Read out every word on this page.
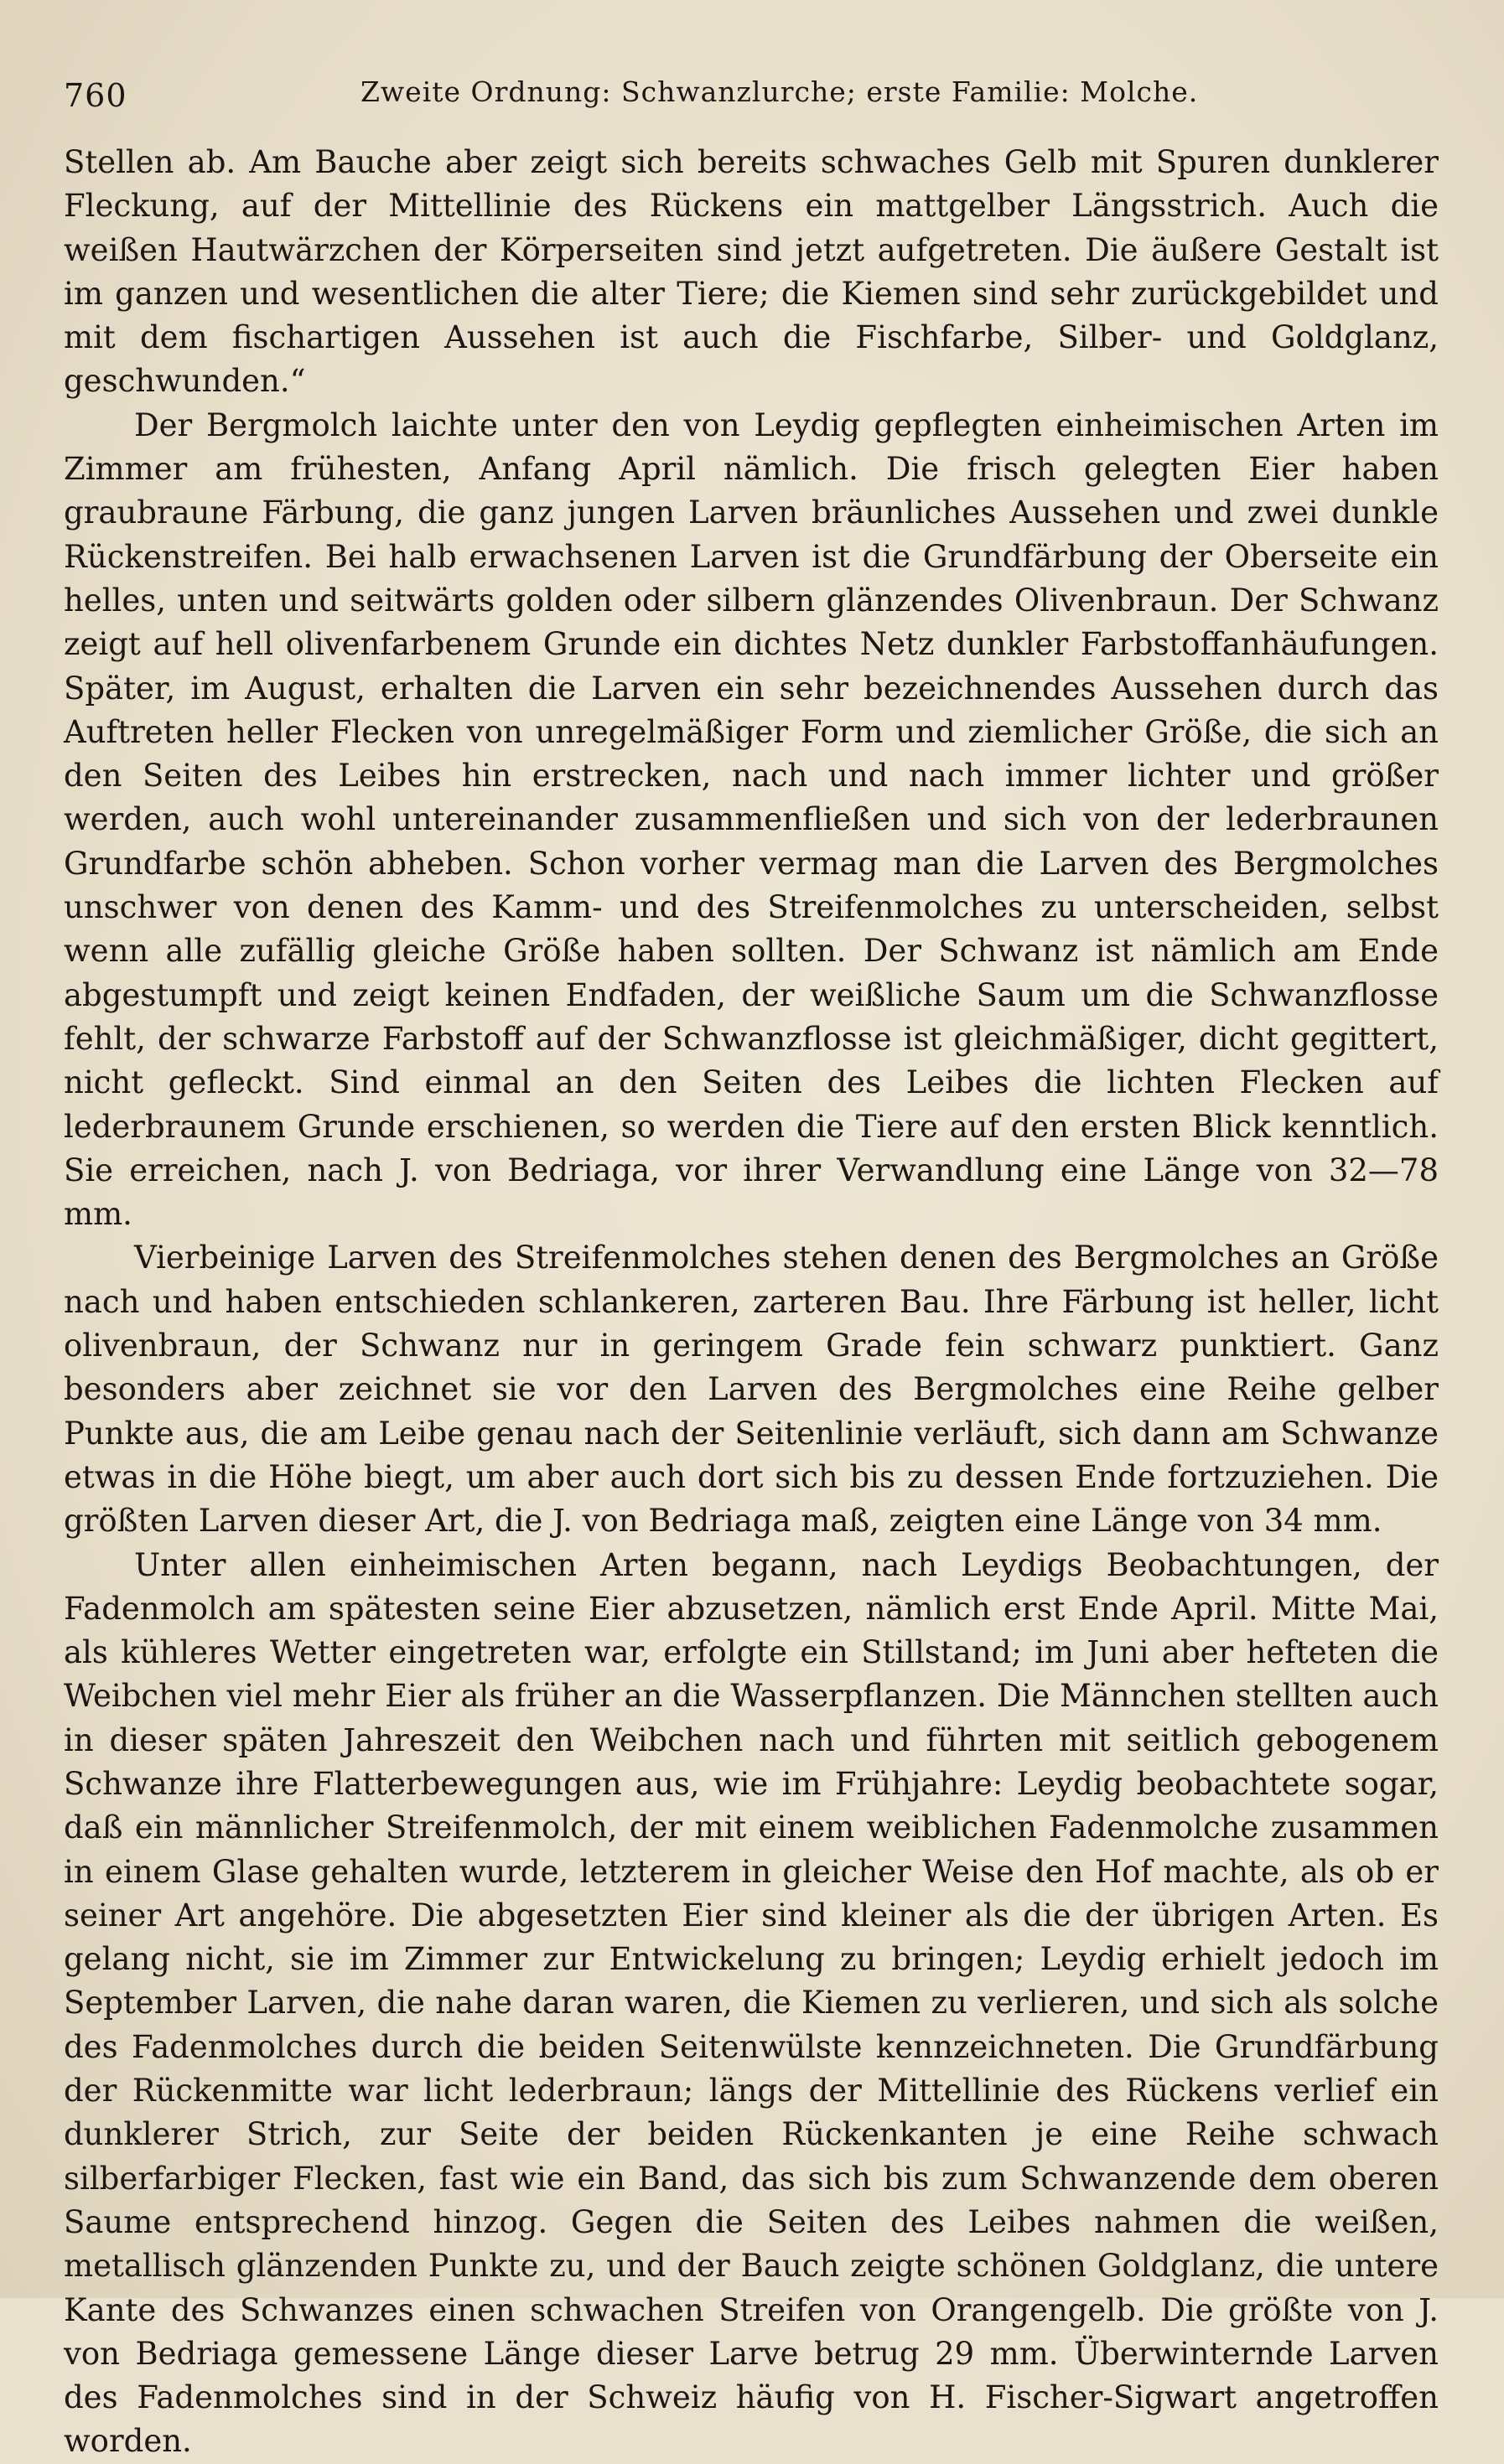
760	Zweite Ordnung: Schwanzlurche; erste Familie: Molche.

Stellen ab. Am Bauche aber zeigt sich bereits schwaches Gelb mit Spuren dunklerer Fleckung, auf der Mittellinie des Rückens ein mattgelber Längsstrich. Auch die weißen Hautwärzchen der Körperseiten sind jetzt aufgetreten. Die äußere Gestalt ist im ganzen und wesentlichen die alter Tiere; die Kiemen sind sehr zurückgebildet und mit dem fischartigen Aussehen ist auch die Fischfarbe, Silber- und Goldglanz, geschwunden.“

Der Bergmolch laichte unter den von Leydig gepflegten einheimischen Arten im Zimmer am frühesten, Anfang April nämlich. Die frisch gelegten Eier haben graubraune Färbung, die ganz jungen Larven bräunliches Aussehen und zwei dunkle Rückenstreifen. Bei halb erwachsenen Larven ist die Grundfärbung der Oberseite ein helles, unten und seitwärts golden oder silbern glänzendes Olivenbraun. Der Schwanz zeigt auf hell olivenfarbenem Grunde ein dichtes Netz dunkler Farbstoffanhäufungen. Später, im August, erhalten die Larven ein sehr bezeichnendes Aussehen durch das Auftreten heller Flecken von unregelmäßiger Form und ziemlicher Größe, die sich an den Seiten des Leibes hin erstrecken, nach und nach immer lichter und größer werden, auch wohl untereinander zusammenfließen und sich von der lederbraunen Grundfarbe schön abheben. Schon vorher vermag man die Larven des Bergmolches unschwer von denen des Kamm- und des Streifenmolches zu unterscheiden, selbst wenn alle zufällig gleiche Größe haben sollten. Der Schwanz ist nämlich am Ende abgestumpft und zeigt keinen Endfaden, der weißliche Saum um die Schwanzflosse fehlt, der schwarze Farbstoff auf der Schwanzflosse ist gleichmäßiger, dicht gegittert, nicht gefleckt. Sind einmal an den Seiten des Leibes die lichten Flecken auf lederbraunem Grunde erschienen, so werden die Tiere auf den ersten Blick kenntlich. Sie erreichen, nach J. von Bedriaga, vor ihrer Verwandlung eine Länge von 32—78 mm.

Vierbeinige Larven des Streifenmolches stehen denen des Bergmolches an Größe nach und haben entschieden schlankeren, zarteren Bau. Ihre Färbung ist heller, licht olivenbraun, der Schwanz nur in geringem Grade fein schwarz punktiert. Ganz besonders aber zeichnet sie vor den Larven des Bergmolches eine Reihe gelber Punkte aus, die am Leibe genau nach der Seitenlinie verläuft, sich dann am Schwanze etwas in die Höhe biegt, um aber auch dort sich bis zu dessen Ende fortzuziehen. Die größten Larven dieser Art, die J. von Bedriaga maß, zeigten eine Länge von 34 mm.

Unter allen einheimischen Arten begann, nach Leydigs Beobachtungen, der Fadenmolch am spätesten seine Eier abzusetzen, nämlich erst Ende April. Mitte Mai, als kühleres Wetter eingetreten war, erfolgte ein Stillstand; im Juni aber hefteten die Weibchen viel mehr Eier als früher an die Wasserpflanzen. Die Männchen stellten auch in dieser späten Jahreszeit den Weibchen nach und führten mit seitlich gebogenem Schwanze ihre Flatterbewegungen aus, wie im Frühjahre: Leydig beobachtete sogar, daß ein männlicher Streifenmolch, der mit einem weiblichen Fadenmolche zusammen in einem Glase gehalten wurde, letzterem in gleicher Weise den Hof machte, als ob er seiner Art angehöre. Die abgesetzten Eier sind kleiner als die der übrigen Arten. Es gelang nicht, sie im Zimmer zur Entwickelung zu bringen; Leydig erhielt jedoch im September Larven, die nahe daran waren, die Kiemen zu verlieren, und sich als solche des Fadenmolches durch die beiden Seitenwülste kennzeichneten. Die Grundfärbung der Rückenmitte war licht lederbraun; längs der Mittellinie des Rückens verlief ein dunklerer Strich, zur Seite der beiden Rückenkanten je eine Reihe schwach silberfarbiger Flecken, fast wie ein Band, das sich bis zum Schwanzende dem oberen Saume entsprechend hinzog. Gegen die Seiten des Leibes nahmen die weißen, metallisch glänzenden Punkte zu, und der Bauch zeigte schönen Goldglanz, die untere Kante des Schwanzes einen schwachen Streifen von Orangengelb. Die größte von J. von Bedriaga gemessene Länge dieser Larve betrug 29 mm. Überwinternde Larven des Fadenmolches sind in der Schweiz häufig von H. Fischer-Sigwart angetroffen worden.
